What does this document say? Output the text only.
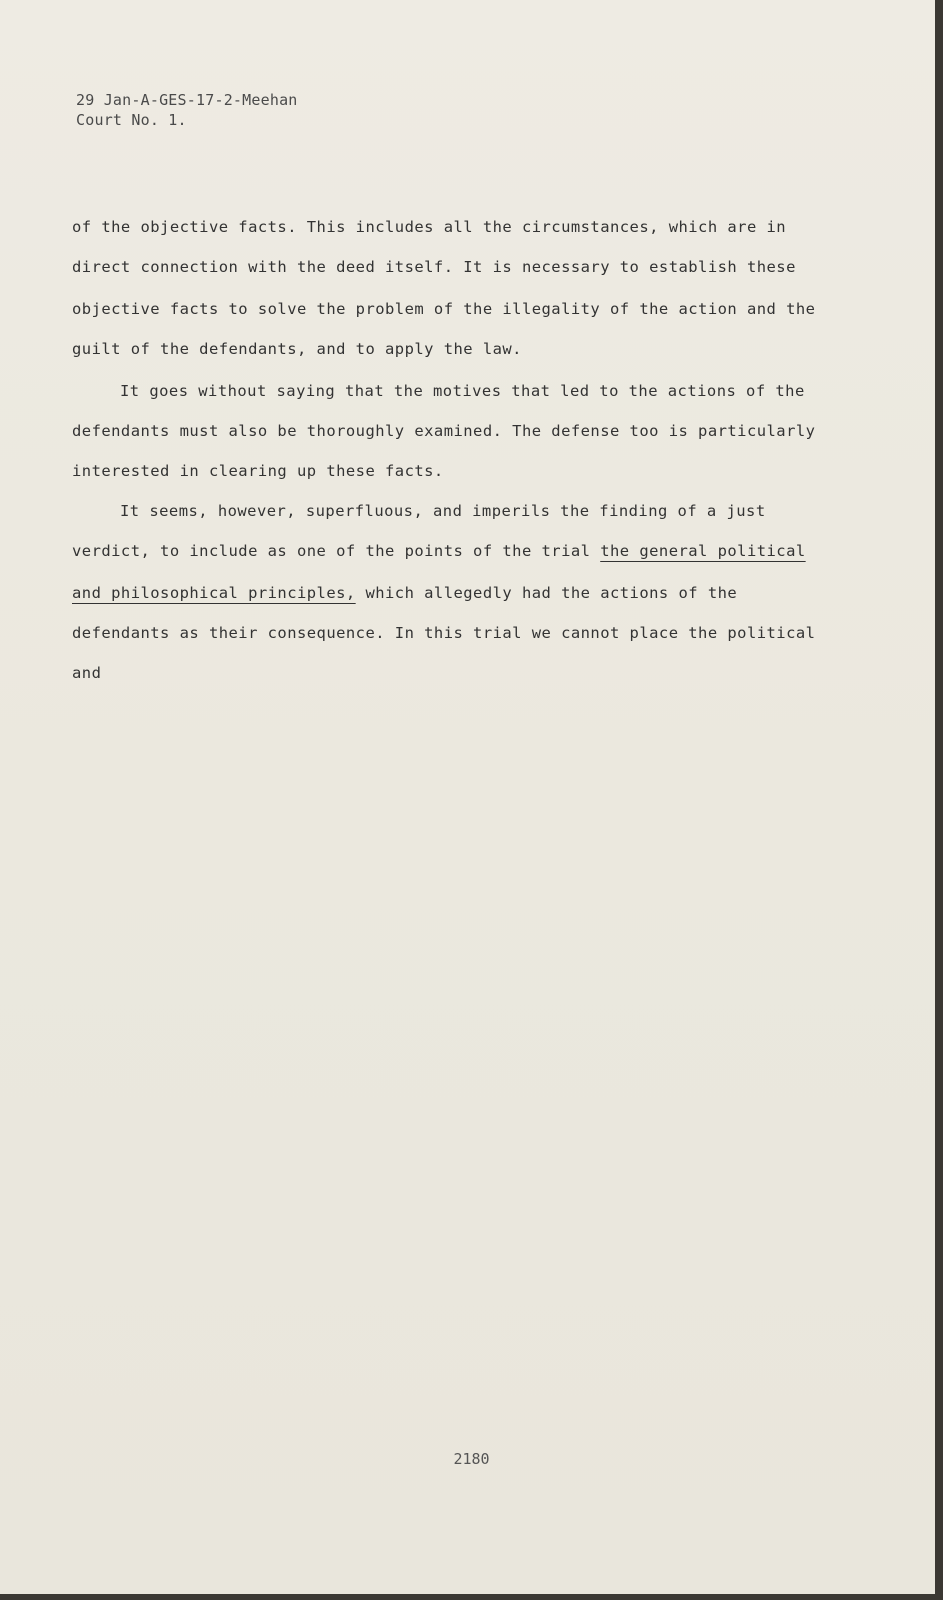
29 Jan-A-GES-17-2-Meehan
Court No. 1.
of the objective facts. This includes all the circumstances, which are in
direct connection with the deed itself. It is necessary to establish these
objective facts to solve the problem of the illegality of the action and the
guilt of the defendants, and to apply the law.
It goes without saying that the motives that led to the actions of the
defendants must also be thoroughly examined. The defense too is particularly
interested in clearing up these facts.
It seems, however, superfluous, and imperils the finding of a just
verdict, to include as one of the points of the trial the general political
and philosophical principles, which allegedly had the actions of the
defendants as their consequence. In this trial we cannot place the political
and
2180
